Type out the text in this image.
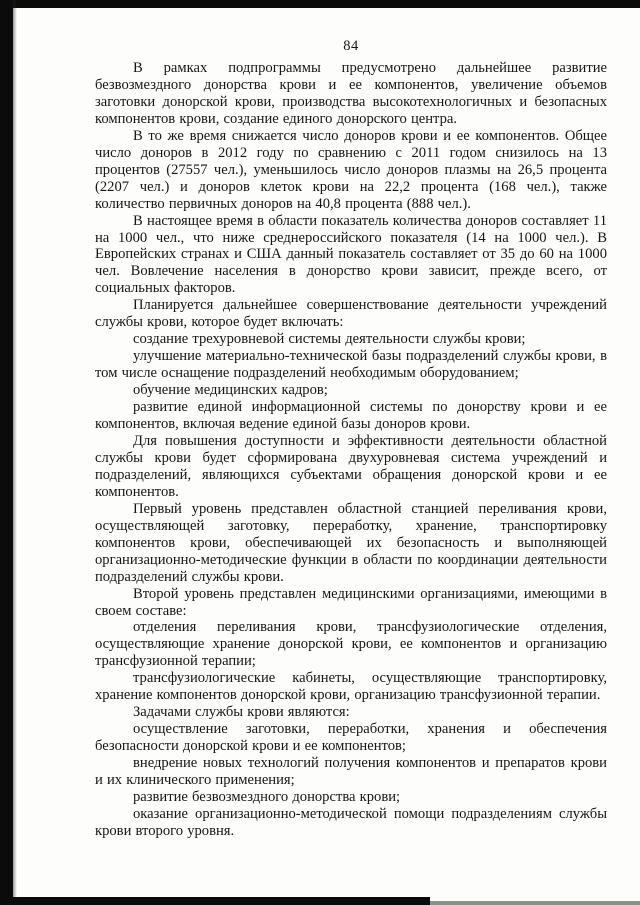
84

В рамках подпрограммы предусмотрено дальнейшее развитие безвозмездного донорства крови и ее компонентов, увеличение объемов заготовки донорской крови, производства высокотехнологичных и безопасных компонентов крови, создание единого донорского центра.

В то же время снижается число доноров крови и ее компонентов. Общее число доноров в 2012 году по сравнению с 2011 годом снизилось на 13 процентов (27557 чел.), уменьшилось число доноров плазмы на 26,5 процента (2207 чел.) и доноров клеток крови на 22,2 процента (168 чел.), также количество первичных доноров на 40,8 процента (888 чел.).

В настоящее время в области показатель количества доноров составляет 11 на 1000 чел., что ниже среднероссийского показателя (14 на 1000 чел.). В Европейских странах и США данный показатель составляет от 35 до 60 на 1000 чел. Вовлечение населения в донорство крови зависит, прежде всего, от социальных факторов.

Планируется дальнейшее совершенствование деятельности учреждений службы крови, которое будет включать:

создание трехуровневой системы деятельности службы крови;

улучшение материально-технической базы подразделений службы крови, в том числе оснащение подразделений необходимым оборудованием;

обучение медицинских кадров;

развитие единой информационной системы по донорству крови и ее компонентов, включая ведение единой базы доноров крови.

Для повышения доступности и эффективности деятельности областной службы крови будет сформирована двухуровневая система учреждений и подразделений, являющихся субъектами обращения донорской крови и ее компонентов.

Первый уровень представлен областной станцией переливания крови, осуществляющей заготовку, переработку, хранение, транспортировку компонентов крови, обеспечивающей их безопасность и выполняющей организационно-методические функции в области по координации деятельности подразделений службы крови.

Второй уровень представлен медицинскими организациями, имеющими в своем составе:

отделения переливания крови, трансфузиологические отделения, осуществляющие хранение донорской крови, ее компонентов и организацию трансфузионной терапии;

трансфузиологические кабинеты, осуществляющие транспортировку, хранение компонентов донорской крови, организацию трансфузионной терапии.

Задачами службы крови являются:

осуществление заготовки, переработки, хранения и обеспечения безопасности донорской крови и ее компонентов;

внедрение новых технологий получения компонентов и препаратов крови и их клинического применения;

развитие безвозмездного донорства крови;

оказание организационно-методической помощи подразделениям службы крови второго уровня.
